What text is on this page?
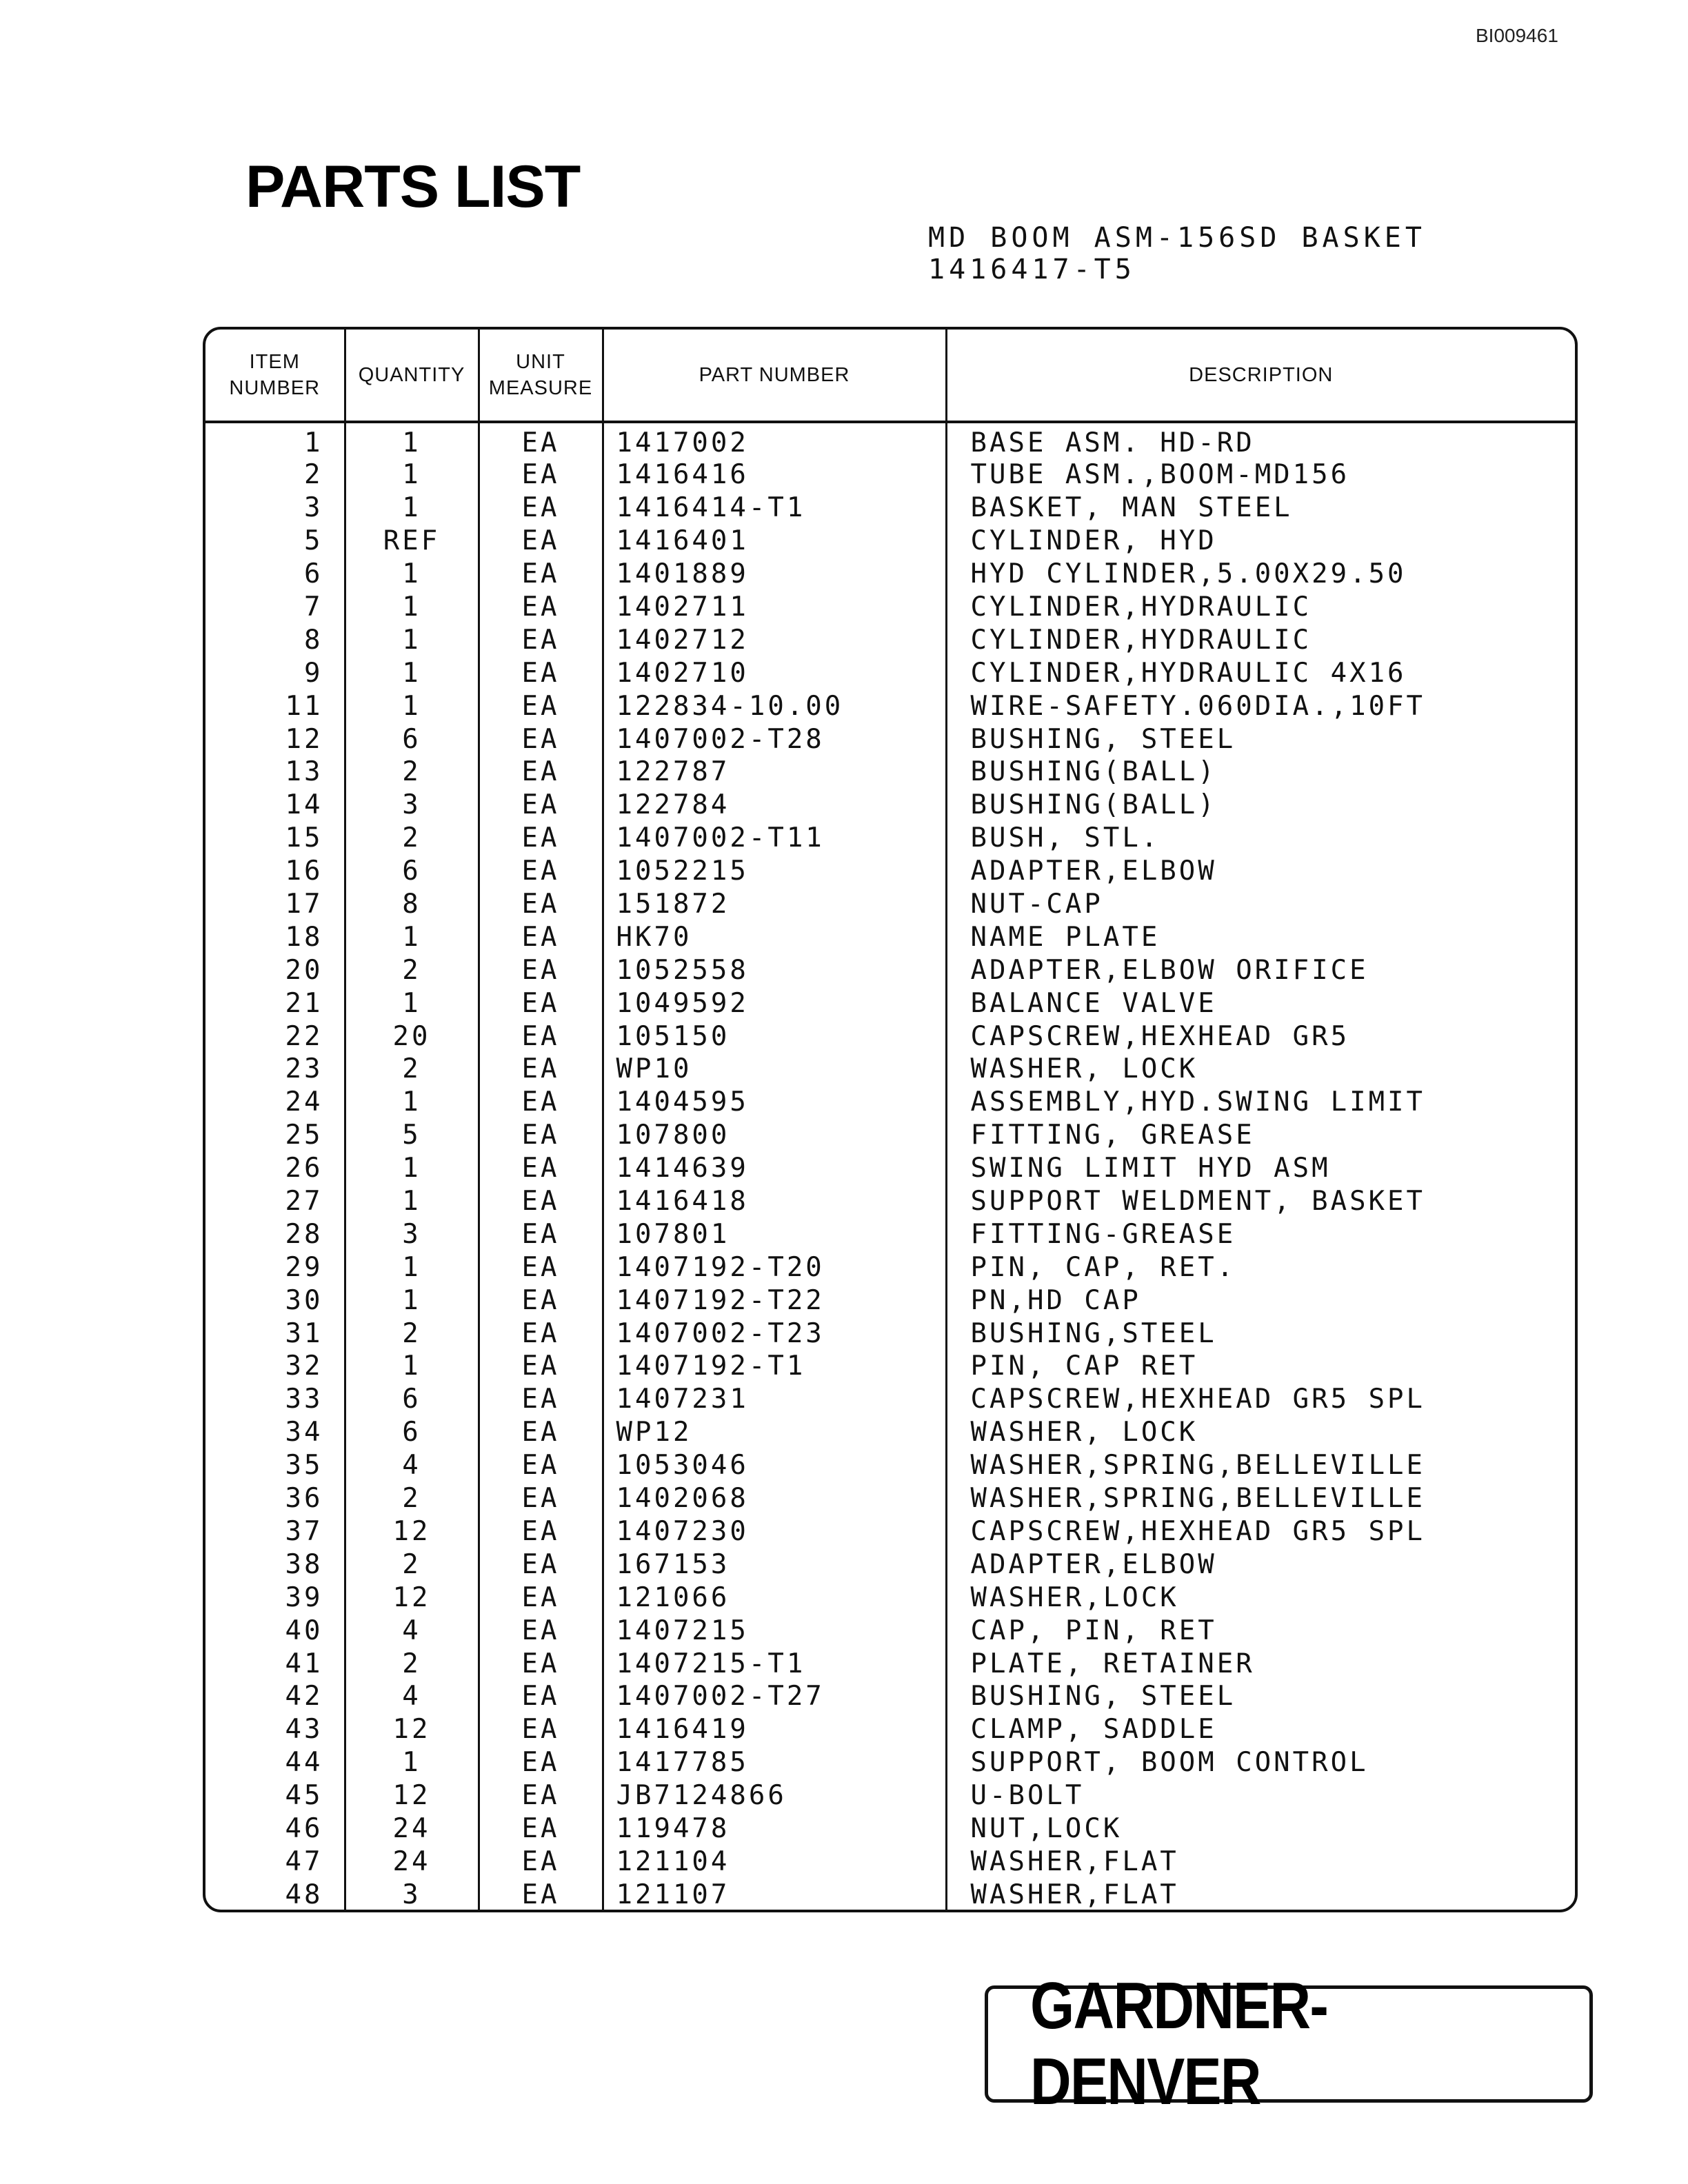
BI009461
PARTS LIST
MD BOOM ASM-156SD BASKET
1416417-T5
ITEM NUMBER	QUANTITY	UNIT MEASURE	PART NUMBER	DESCRIPTION
1	1	EA	1417002	BASE ASM. HD-RD
2	1	EA	1416416	TUBE ASM.,BOOM-MD156
3	1	EA	1416414-T1	BASKET, MAN STEEL
5	REF	EA	1416401	CYLINDER, HYD
6	1	EA	1401889	HYD CYLINDER,5.00X29.50
7	1	EA	1402711	CYLINDER,HYDRAULIC
8	1	EA	1402712	CYLINDER,HYDRAULIC
9	1	EA	1402710	CYLINDER,HYDRAULIC 4X16
11	1	EA	122834-10.00	WIRE-SAFETY.060DIA.,10FT
12	6	EA	1407002-T28	BUSHING, STEEL
13	2	EA	122787	BUSHING(BALL)
14	3	EA	122784	BUSHING(BALL)
15	2	EA	1407002-T11	BUSH, STL.
16	6	EA	1052215	ADAPTER,ELBOW
17	8	EA	151872	NUT-CAP
18	1	EA	HK70	NAME PLATE
20	2	EA	1052558	ADAPTER,ELBOW ORIFICE
21	1	EA	1049592	BALANCE VALVE
22	20	EA	105150	CAPSCREW,HEXHEAD GR5
23	2	EA	WP10	WASHER, LOCK
24	1	EA	1404595	ASSEMBLY,HYD.SWING LIMIT
25	5	EA	107800	FITTING, GREASE
26	1	EA	1414639	SWING LIMIT HYD ASM
27	1	EA	1416418	SUPPORT WELDMENT, BASKET
28	3	EA	107801	FITTING-GREASE
29	1	EA	1407192-T20	PIN, CAP, RET.
30	1	EA	1407192-T22	PN,HD CAP
31	2	EA	1407002-T23	BUSHING,STEEL
32	1	EA	1407192-T1	PIN, CAP RET
33	6	EA	1407231	CAPSCREW,HEXHEAD GR5 SPL
34	6	EA	WP12	WASHER, LOCK
35	4	EA	1053046	WASHER,SPRING,BELLEVILLE
36	2	EA	1402068	WASHER,SPRING,BELLEVILLE
37	12	EA	1407230	CAPSCREW,HEXHEAD GR5 SPL
38	2	EA	167153	ADAPTER,ELBOW
39	12	EA	121066	WASHER,LOCK
40	4	EA	1407215	CAP, PIN, RET
41	2	EA	1407215-T1	PLATE, RETAINER
42	4	EA	1407002-T27	BUSHING, STEEL
43	12	EA	1416419	CLAMP, SADDLE
44	1	EA	1417785	SUPPORT, BOOM CONTROL
45	12	EA	JB7124866	U-BOLT
46	24	EA	119478	NUT,LOCK
47	24	EA	121104	WASHER,FLAT
48	3	EA	121107	WASHER,FLAT
GARDNER-DENVER
